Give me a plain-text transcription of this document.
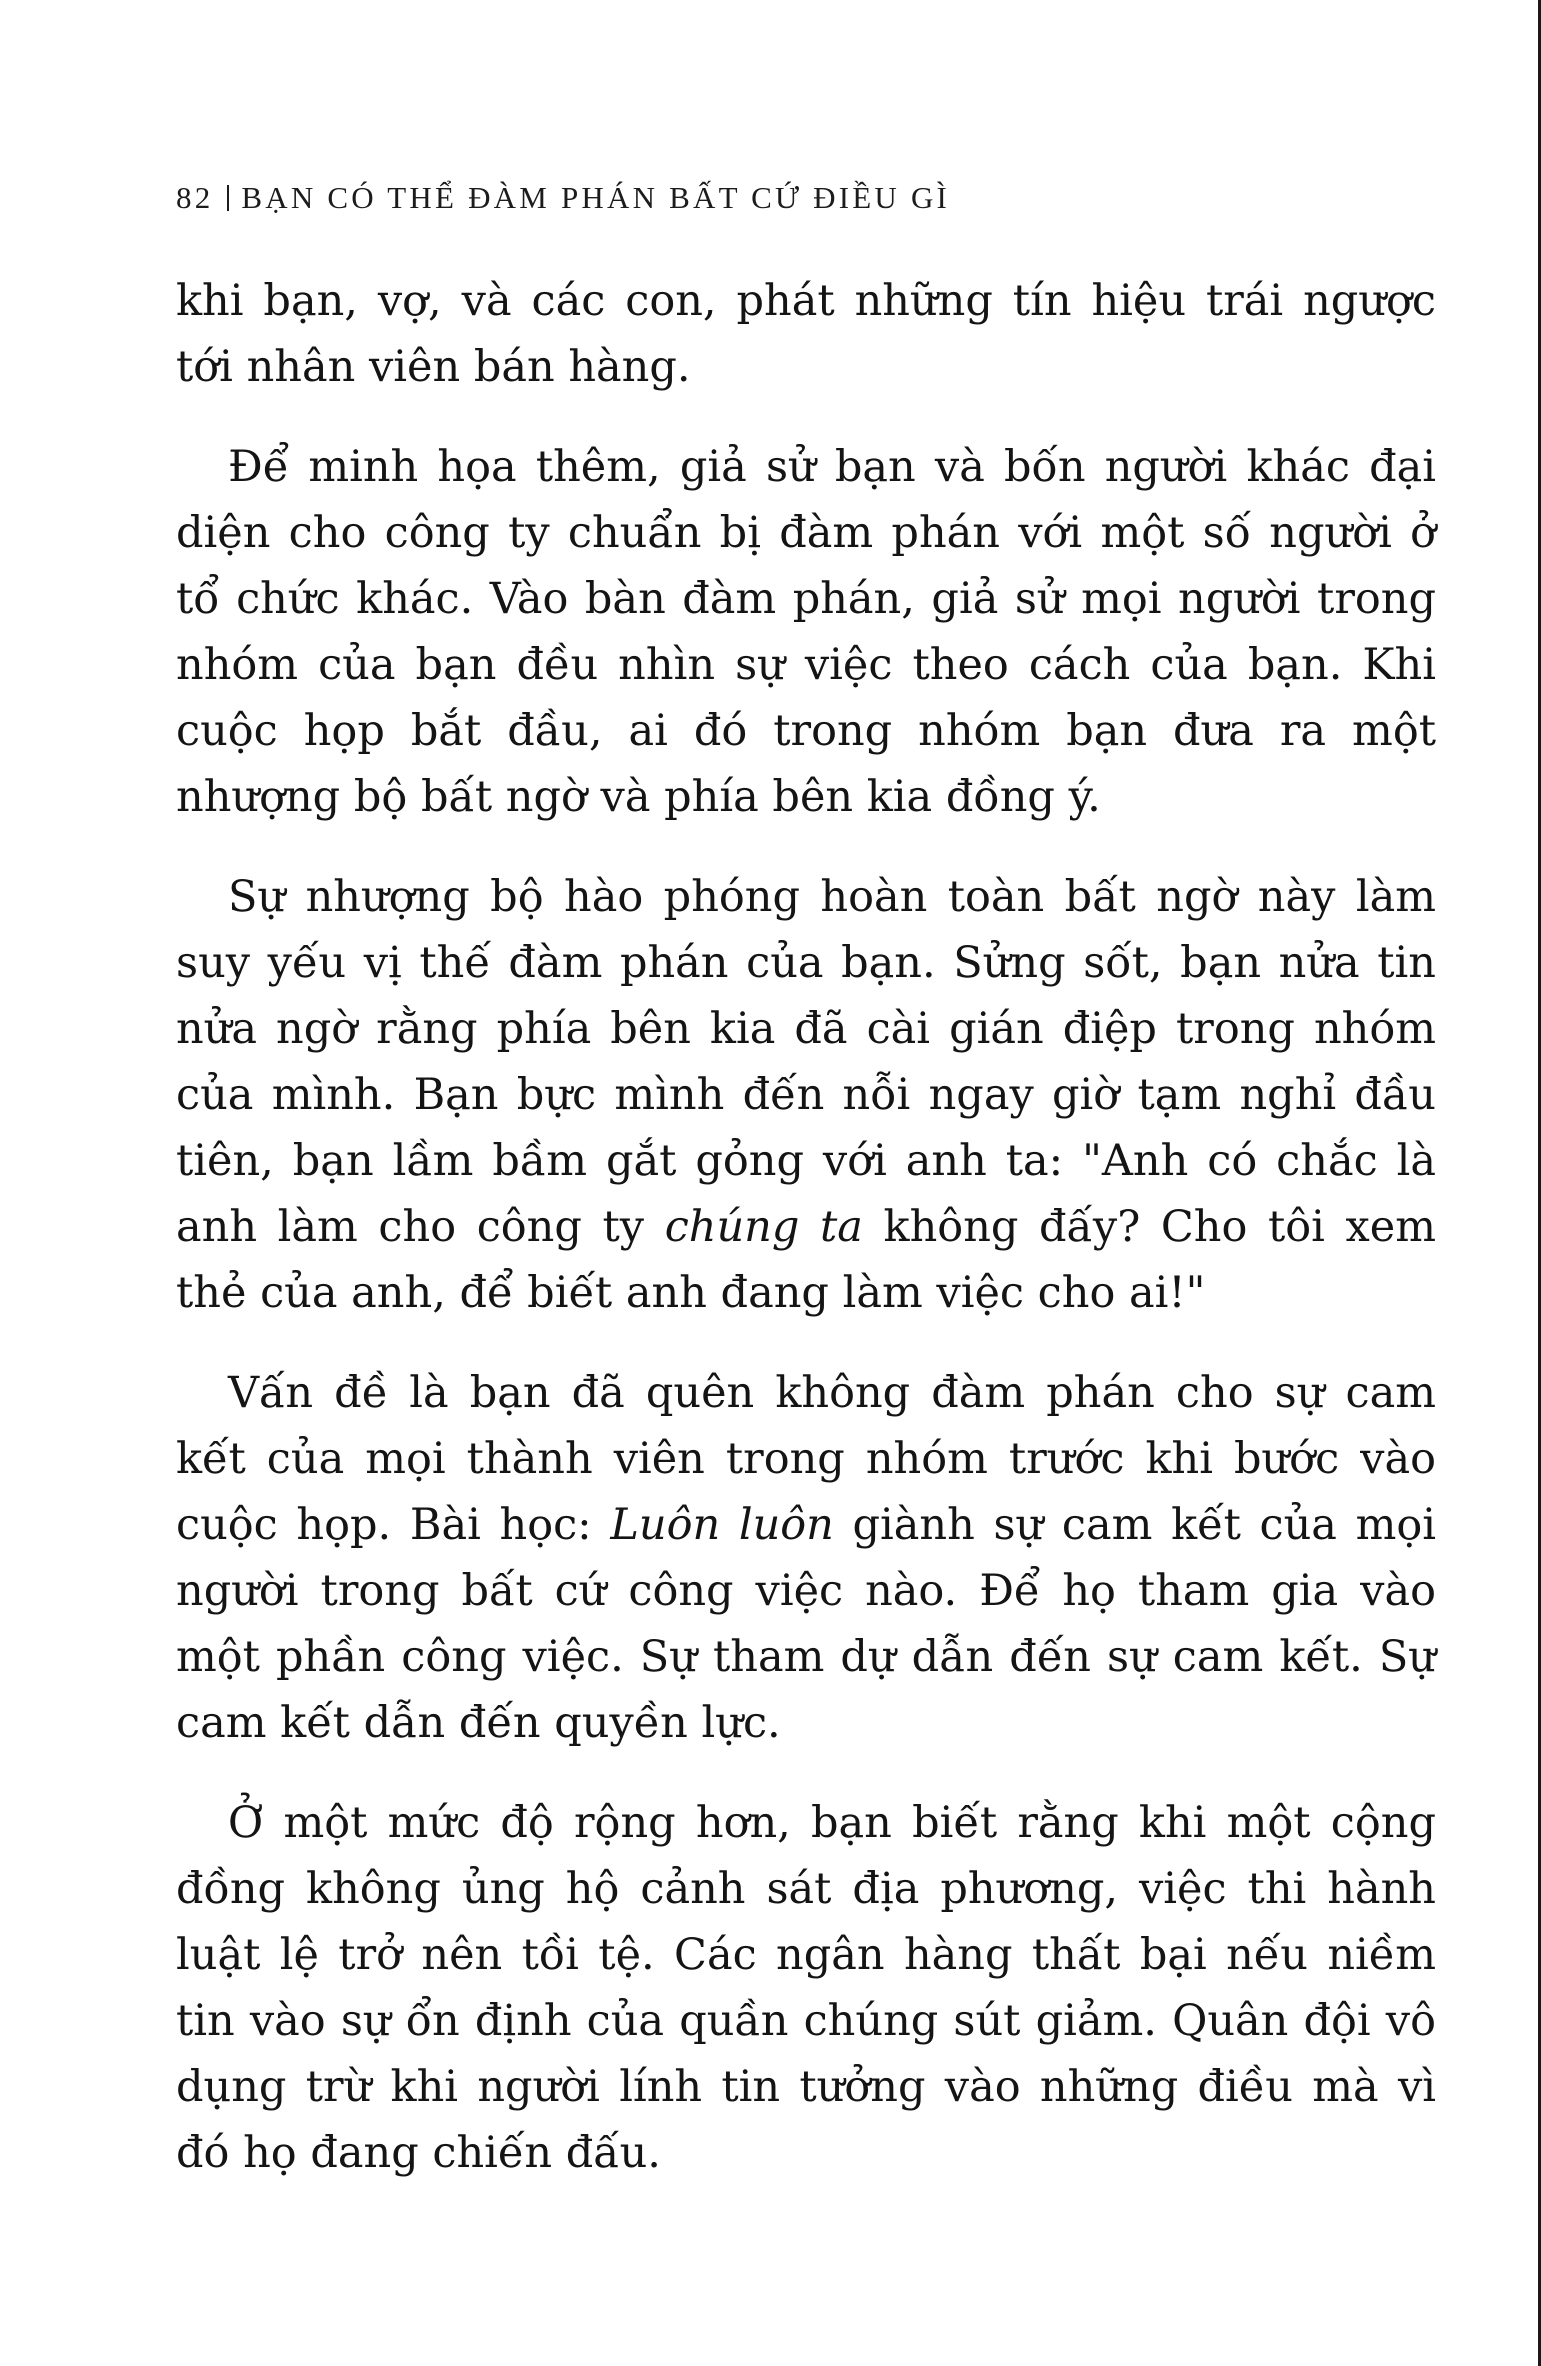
82 BẠN CÓ THỂ ĐÀM PHÁN BẤT CỨ ĐIỀU GÌ

khi bạn, vợ, và các con, phát những tín hiệu trái ngược tới nhân viên bán hàng.

Để minh họa thêm, giả sử bạn và bốn người khác đại diện cho công ty chuẩn bị đàm phán với một số người ở tổ chức khác. Vào bàn đàm phán, giả sử mọi người trong nhóm của bạn đều nhìn sự việc theo cách của bạn. Khi cuộc họp bắt đầu, ai đó trong nhóm bạn đưa ra một nhượng bộ bất ngờ và phía bên kia đồng ý.

Sự nhượng bộ hào phóng hoàn toàn bất ngờ này làm suy yếu vị thế đàm phán của bạn. Sửng sốt, bạn nửa tin nửa ngờ rằng phía bên kia đã cài gián điệp trong nhóm của mình. Bạn bực mình đến nỗi ngay giờ tạm nghỉ đầu tiên, bạn lầm bầm gắt gỏng với anh ta: "Anh có chắc là anh làm cho công ty chúng ta không đấy? Cho tôi xem thẻ của anh, để biết anh đang làm việc cho ai!"

Vấn đề là bạn đã quên không đàm phán cho sự cam kết của mọi thành viên trong nhóm trước khi bước vào cuộc họp. Bài học: Luôn luôn giành sự cam kết của mọi người trong bất cứ công việc nào. Để họ tham gia vào một phần công việc. Sự tham dự dẫn đến sự cam kết. Sự cam kết dẫn đến quyền lực.

Ở một mức độ rộng hơn, bạn biết rằng khi một cộng đồng không ủng hộ cảnh sát địa phương, việc thi hành luật lệ trở nên tồi tệ. Các ngân hàng thất bại nếu niềm tin vào sự ổn định của quần chúng sút giảm. Quân đội vô dụng trừ khi người lính tin tưởng vào những điều mà vì đó họ đang chiến đấu.
